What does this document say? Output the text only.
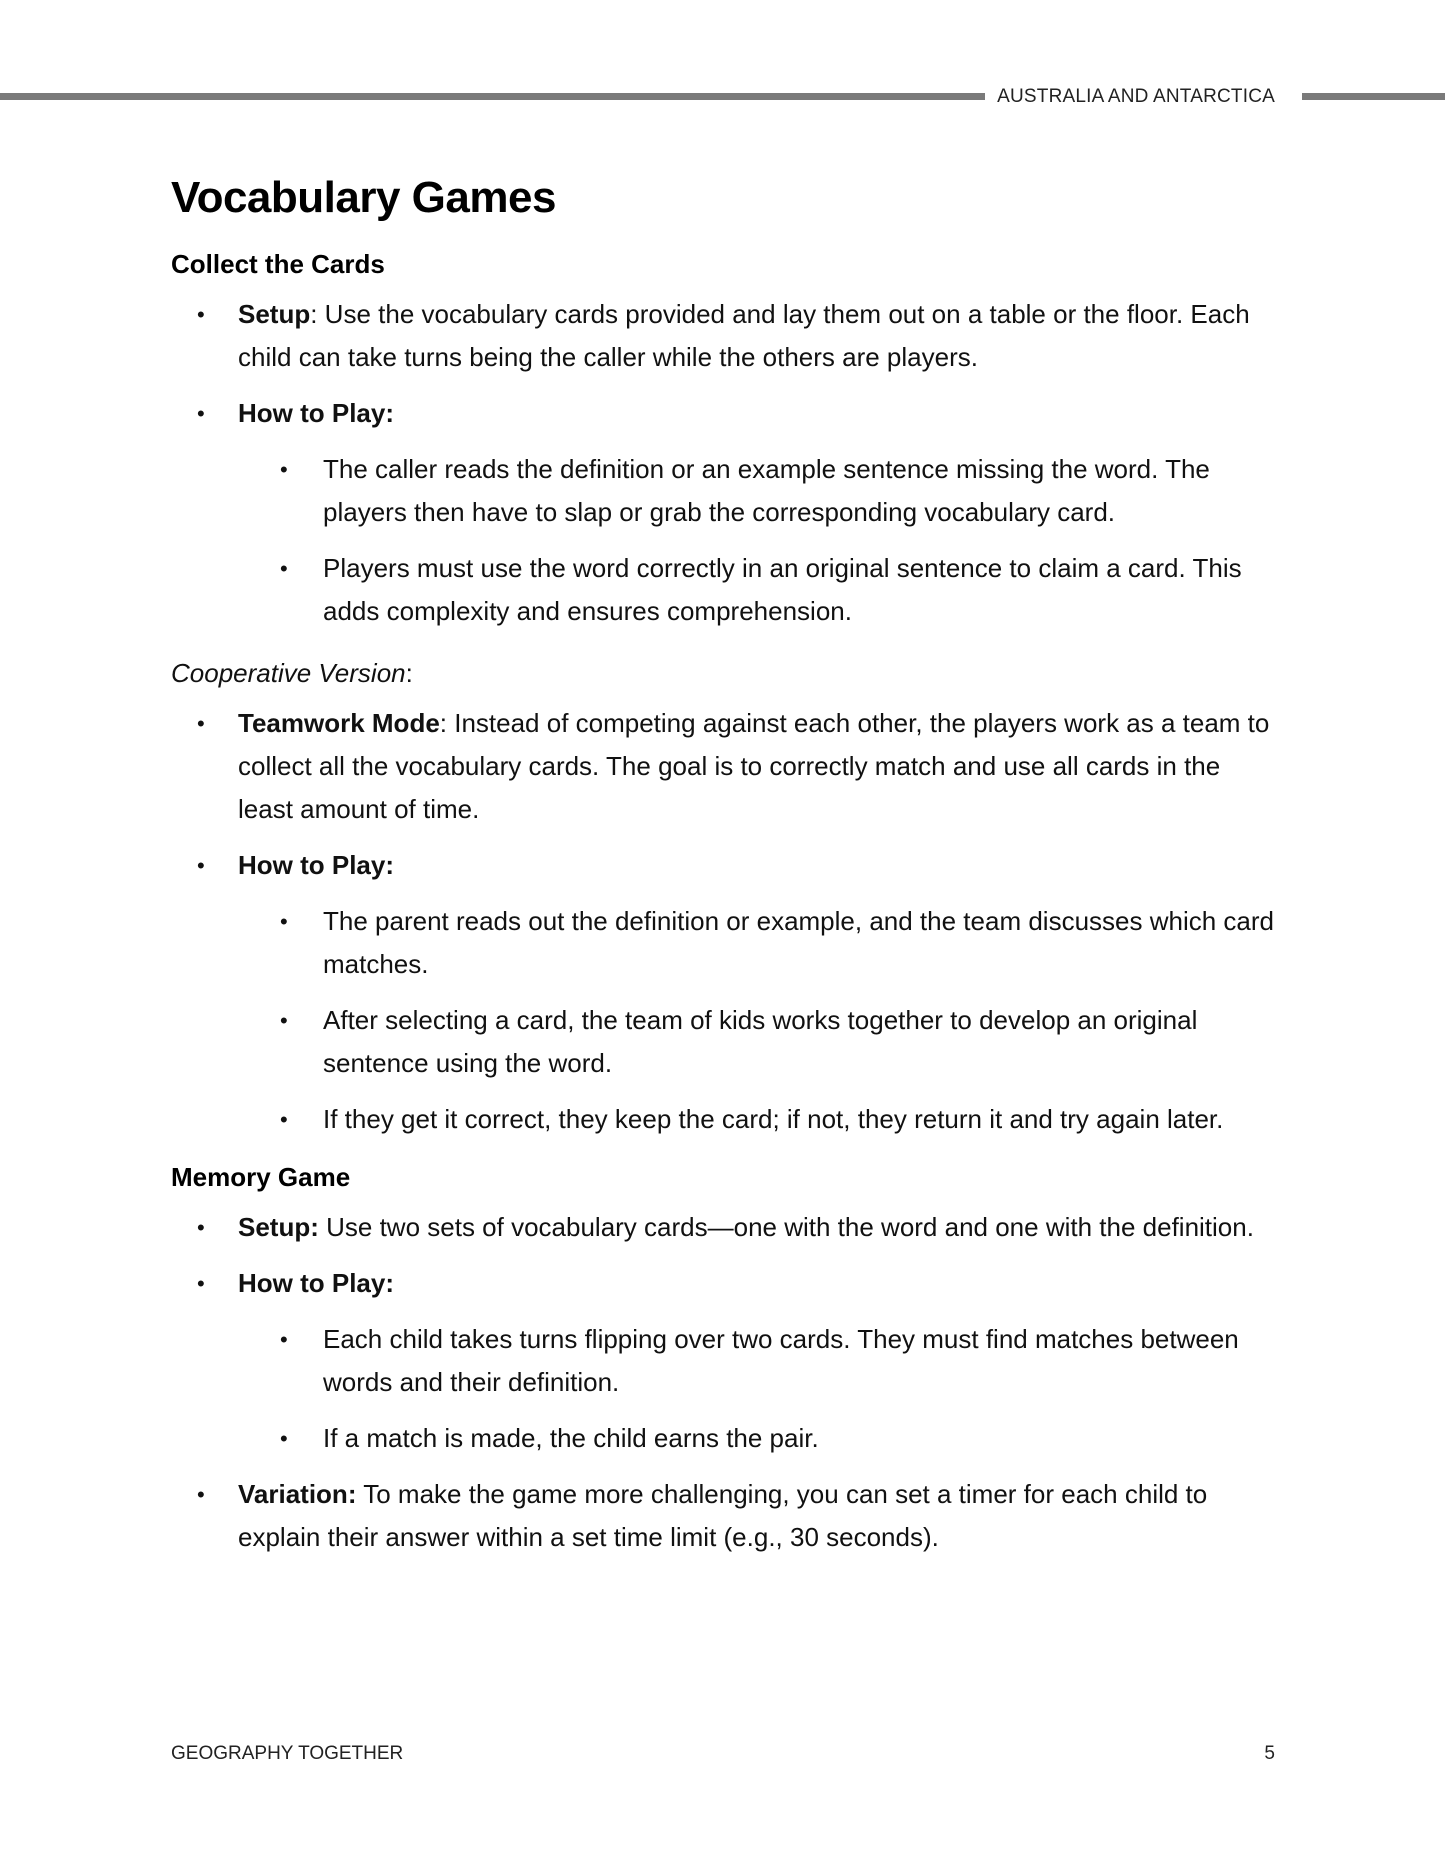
AUSTRALIA AND ANTARCTICA
Vocabulary Games
Collect the Cards
• Setup: Use the vocabulary cards provided and lay them out on a table or the floor. Each child can take turns being the caller while the others are players.
• How to Play:
• The caller reads the definition or an example sentence missing the word. The players then have to slap or grab the corresponding vocabulary card.
• Players must use the word correctly in an original sentence to claim a card. This adds complexity and ensures comprehension.
Cooperative Version:
• Teamwork Mode: Instead of competing against each other, the players work as a team to collect all the vocabulary cards. The goal is to correctly match and use all cards in the least amount of time.
• How to Play:
• The parent reads out the definition or example, and the team discusses which card matches.
• After selecting a card, the team of kids works together to develop an original sentence using the word.
• If they get it correct, they keep the card; if not, they return it and try again later.
Memory Game
• Setup: Use two sets of vocabulary cards—one with the word and one with the definition.
• How to Play:
• Each child takes turns flipping over two cards. They must find matches between words and their definition.
• If a match is made, the child earns the pair.
• Variation: To make the game more challenging, you can set a timer for each child to explain their answer within a set time limit (e.g., 30 seconds).
GEOGRAPHY TOGETHER	5
